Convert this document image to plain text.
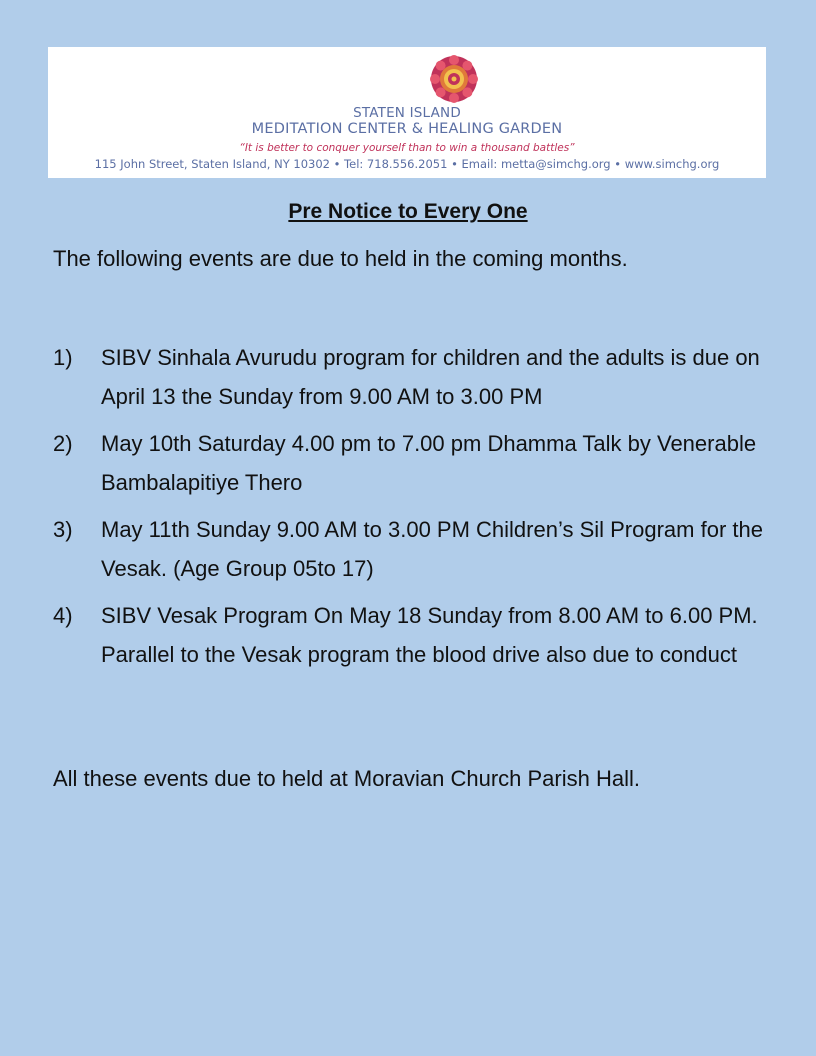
STATEN ISLAND
MEDITATION CENTER & HEALING GARDEN
“It is better to conquer yourself than to win a thousand battles”
115 John Street, Staten Island, NY 10302 • Tel: 718.556.2051 • Email: metta@simchg.org • www.simchg.org
Pre Notice to Every One
The following events are due to held in the coming months.
1)	SIBV Sinhala Avurudu program for children and the adults is due on April 13 the Sunday from 9.00 AM to 3.00 PM
2)	May 10th Saturday 4.00 pm to 7.00 pm Dhamma Talk by Venerable Bambalapitiye Thero
3)	May 11th Sunday 9.00 AM to 3.00 PM Children’s Sil Program for the Vesak. (Age Group 05to 17)
4)	SIBV Vesak Program On May 18 Sunday from 8.00 AM to 6.00 PM. Parallel to the Vesak program the blood drive also due to conduct
All these events due to held at Moravian Church Parish Hall.
